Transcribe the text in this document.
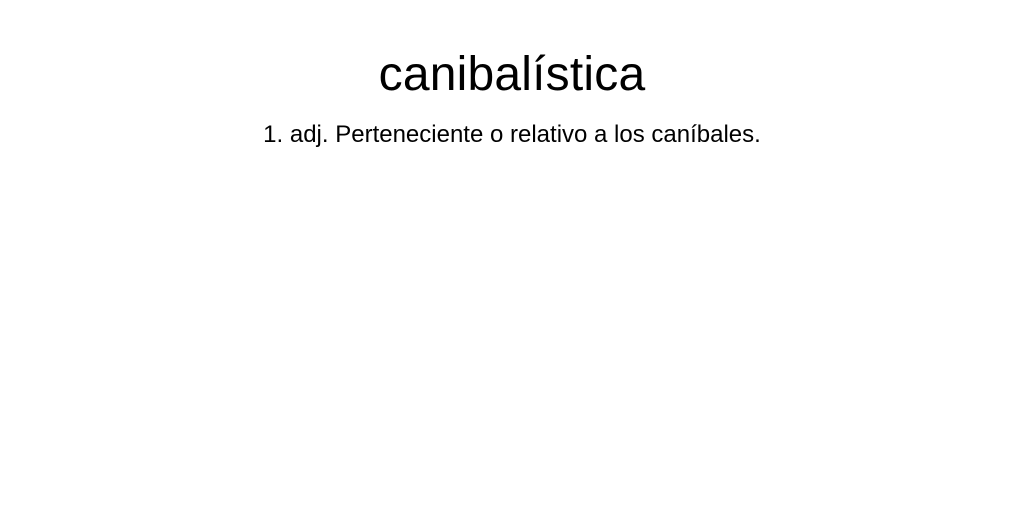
canibalística

1. adj. Perteneciente o relativo a los caníbales.
